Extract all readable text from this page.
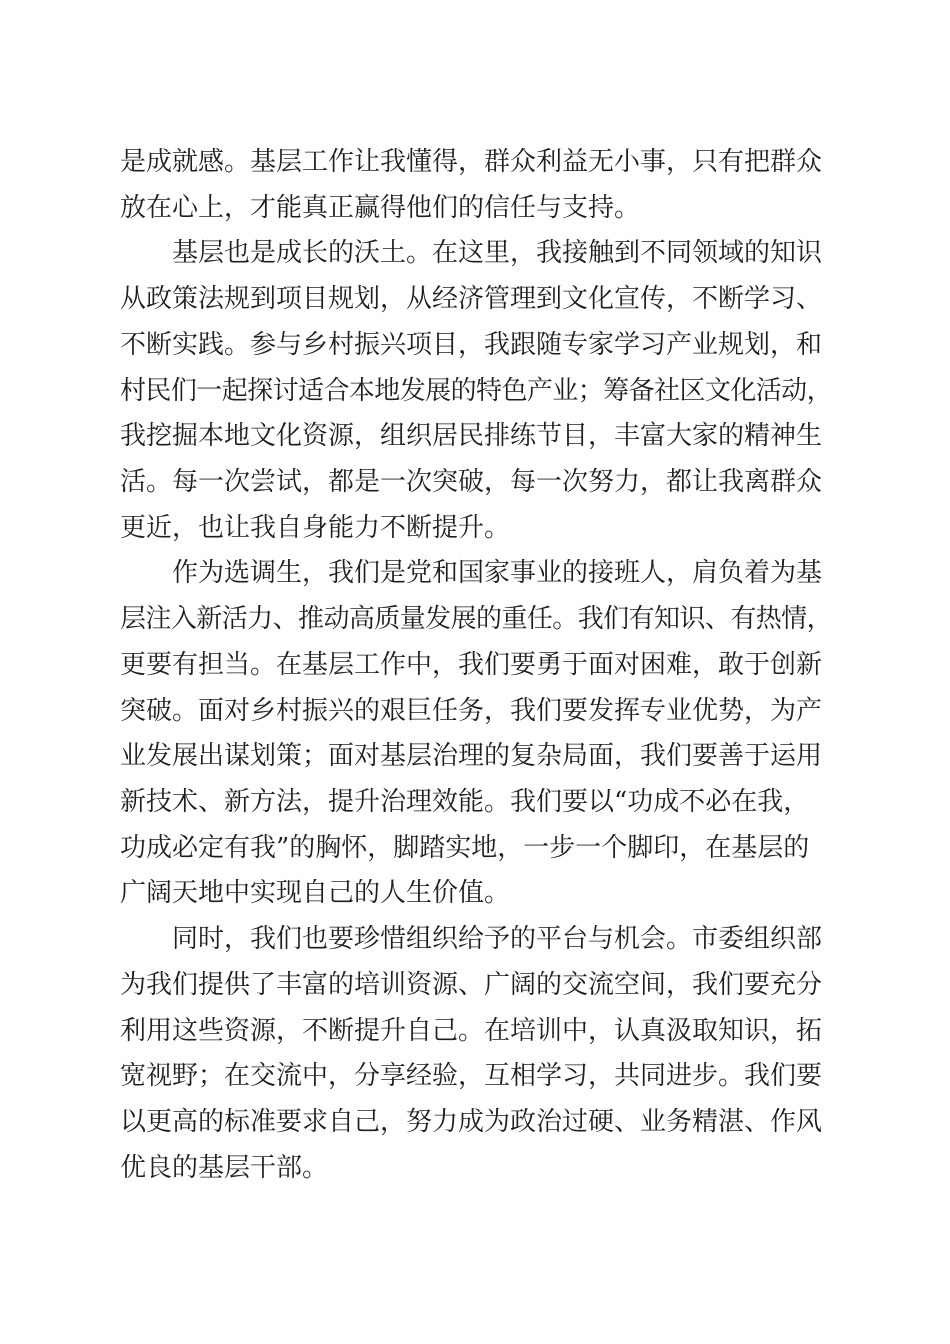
是成就感。基层工作让我懂得，群众利益无小事，只有把群众
放在心上，才能真正赢得他们的信任与支持。
基层也是成长的沃土。在这里，我接触到不同领域的知识
从政策法规到项目规划，从经济管理到文化宣传，不断学习、
不断实践。参与乡村振兴项目，我跟随专家学习产业规划，和
村民们一起探讨适合本地发展的特色产业；筹备社区文化活动，
我挖掘本地文化资源，组织居民排练节目，丰富大家的精神生
活。每一次尝试，都是一次突破，每一次努力，都让我离群众
更近，也让我自身能力不断提升。
作为选调生，我们是党和国家事业的接班人，肩负着为基
层注入新活力、推动高质量发展的重任。我们有知识、有热情，
更要有担当。在基层工作中，我们要勇于面对困难，敢于创新
突破。面对乡村振兴的艰巨任务，我们要发挥专业优势，为产
业发展出谋划策；面对基层治理的复杂局面，我们要善于运用
新技术、新方法，提升治理效能。我们要以“功成不必在我，
功成必定有我”的胸怀，脚踏实地，一步一个脚印，在基层的
广阔天地中实现自己的人生价值。
同时，我们也要珍惜组织给予的平台与机会。市委组织部
为我们提供了丰富的培训资源、广阔的交流空间，我们要充分
利用这些资源，不断提升自己。在培训中，认真汲取知识，拓
宽视野；在交流中，分享经验，互相学习，共同进步。我们要
以更高的标准要求自己，努力成为政治过硬、业务精湛、作风
优良的基层干部。
